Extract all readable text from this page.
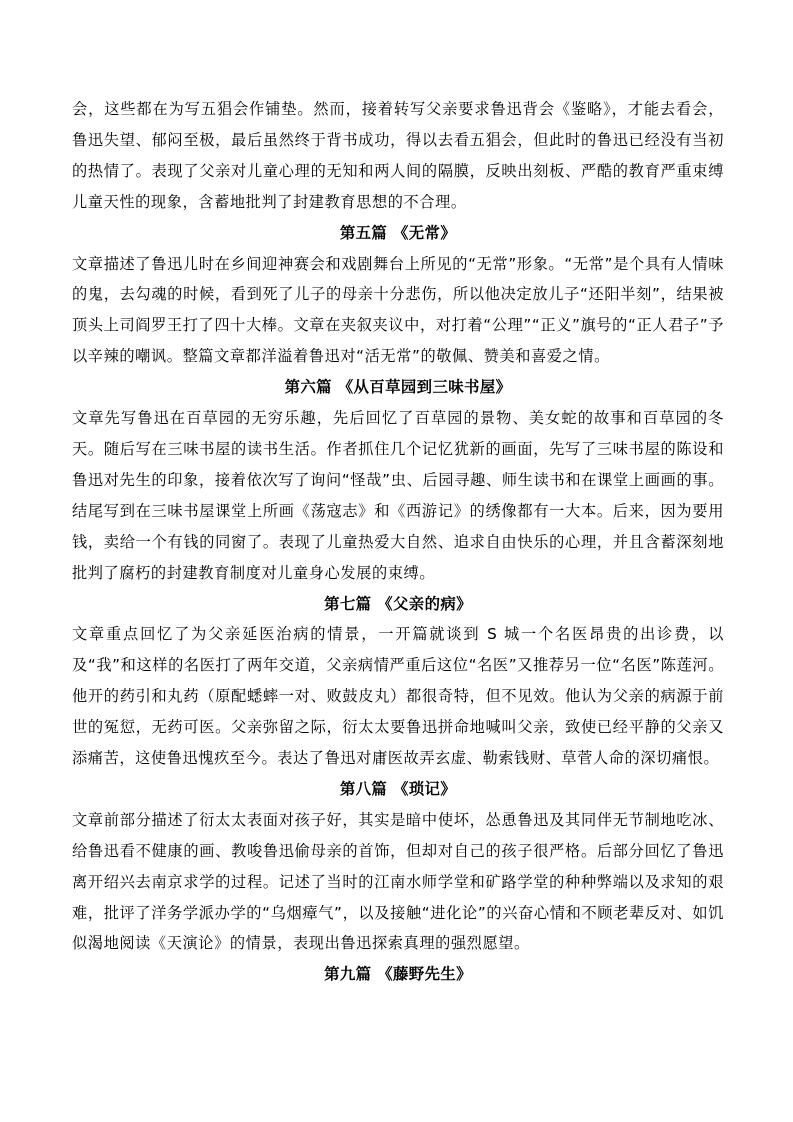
会，这些都在为写五猖会作铺垫。然而，接着转写父亲要求鲁迅背会《鉴略》，才能去看会，鲁迅失望、郁闷至极，最后虽然终于背书成功，得以去看五猖会，但此时的鲁迅已经没有当初的热情了。表现了父亲对儿童心理的无知和两人间的隔膜，反映出刻板、严酷的教育严重束缚儿童天性的现象，含蓄地批判了封建教育思想的不合理。

第五篇 《无常》

文章描述了鲁迅儿时在乡间迎神赛会和戏剧舞台上所见的“无常”形象。“无常”是个具有人情味的鬼，去勾魂的时候，看到死了儿子的母亲十分悲伤，所以他决定放儿子“还阳半刻”，结果被顶头上司阎罗王打了四十大棒。文章在夹叙夹议中，对打着“公理”“正义”旗号的“正人君子”予以辛辣的嘲讽。整篇文章都洋溢着鲁迅对“活无常”的敬佩、赞美和喜爱之情。

第六篇 《从百草园到三味书屋》

文章先写鲁迅在百草园的无穷乐趣，先后回忆了百草园的景物、美女蛇的故事和百草园的冬天。随后写在三味书屋的读书生活。作者抓住几个记忆犹新的画面，先写了三味书屋的陈设和鲁迅对先生的印象，接着依次写了询问“怪哉”虫、后园寻趣、师生读书和在课堂上画画的事。结尾写到在三味书屋课堂上所画《荡寇志》和《西游记》的绣像都有一大本。后来，因为要用钱，卖给一个有钱的同窗了。表现了儿童热爱大自然、追求自由快乐的心理，并且含蓄深刻地批判了腐朽的封建教育制度对儿童身心发展的束缚。

第七篇 《父亲的病》

文章重点回忆了为父亲延医治病的情景，一开篇就谈到 S 城一个名医昂贵的出诊费，以及“我”和这样的名医打了两年交道，父亲病情严重后这位“名医”又推荐另一位“名医”陈莲河。他开的药引和丸药（原配蟋蟀一对、败鼓皮丸）都很奇特，但不见效。他认为父亲的病源于前世的冤愆，无药可医。父亲弥留之际，衍太太要鲁迅拼命地喊叫父亲，致使已经平静的父亲又添痛苦，这使鲁迅愧疚至今。表达了鲁迅对庸医故弄玄虚、勒索钱财、草菅人命的深切痛恨。

第八篇 《琐记》

文章前部分描述了衍太太表面对孩子好，其实是暗中使坏，怂恿鲁迅及其同伴无节制地吃冰、给鲁迅看不健康的画、教唆鲁迅偷母亲的首饰，但却对自己的孩子很严格。后部分回忆了鲁迅离开绍兴去南京求学的过程。记述了当时的江南水师学堂和矿路学堂的种种弊端以及求知的艰难，批评了洋务学派办学的“乌烟瘴气”，以及接触“进化论”的兴奋心情和不顾老辈反对、如饥似渴地阅读《天演论》的情景，表现出鲁迅探索真理的强烈愿望。

第九篇 《藤野先生》
